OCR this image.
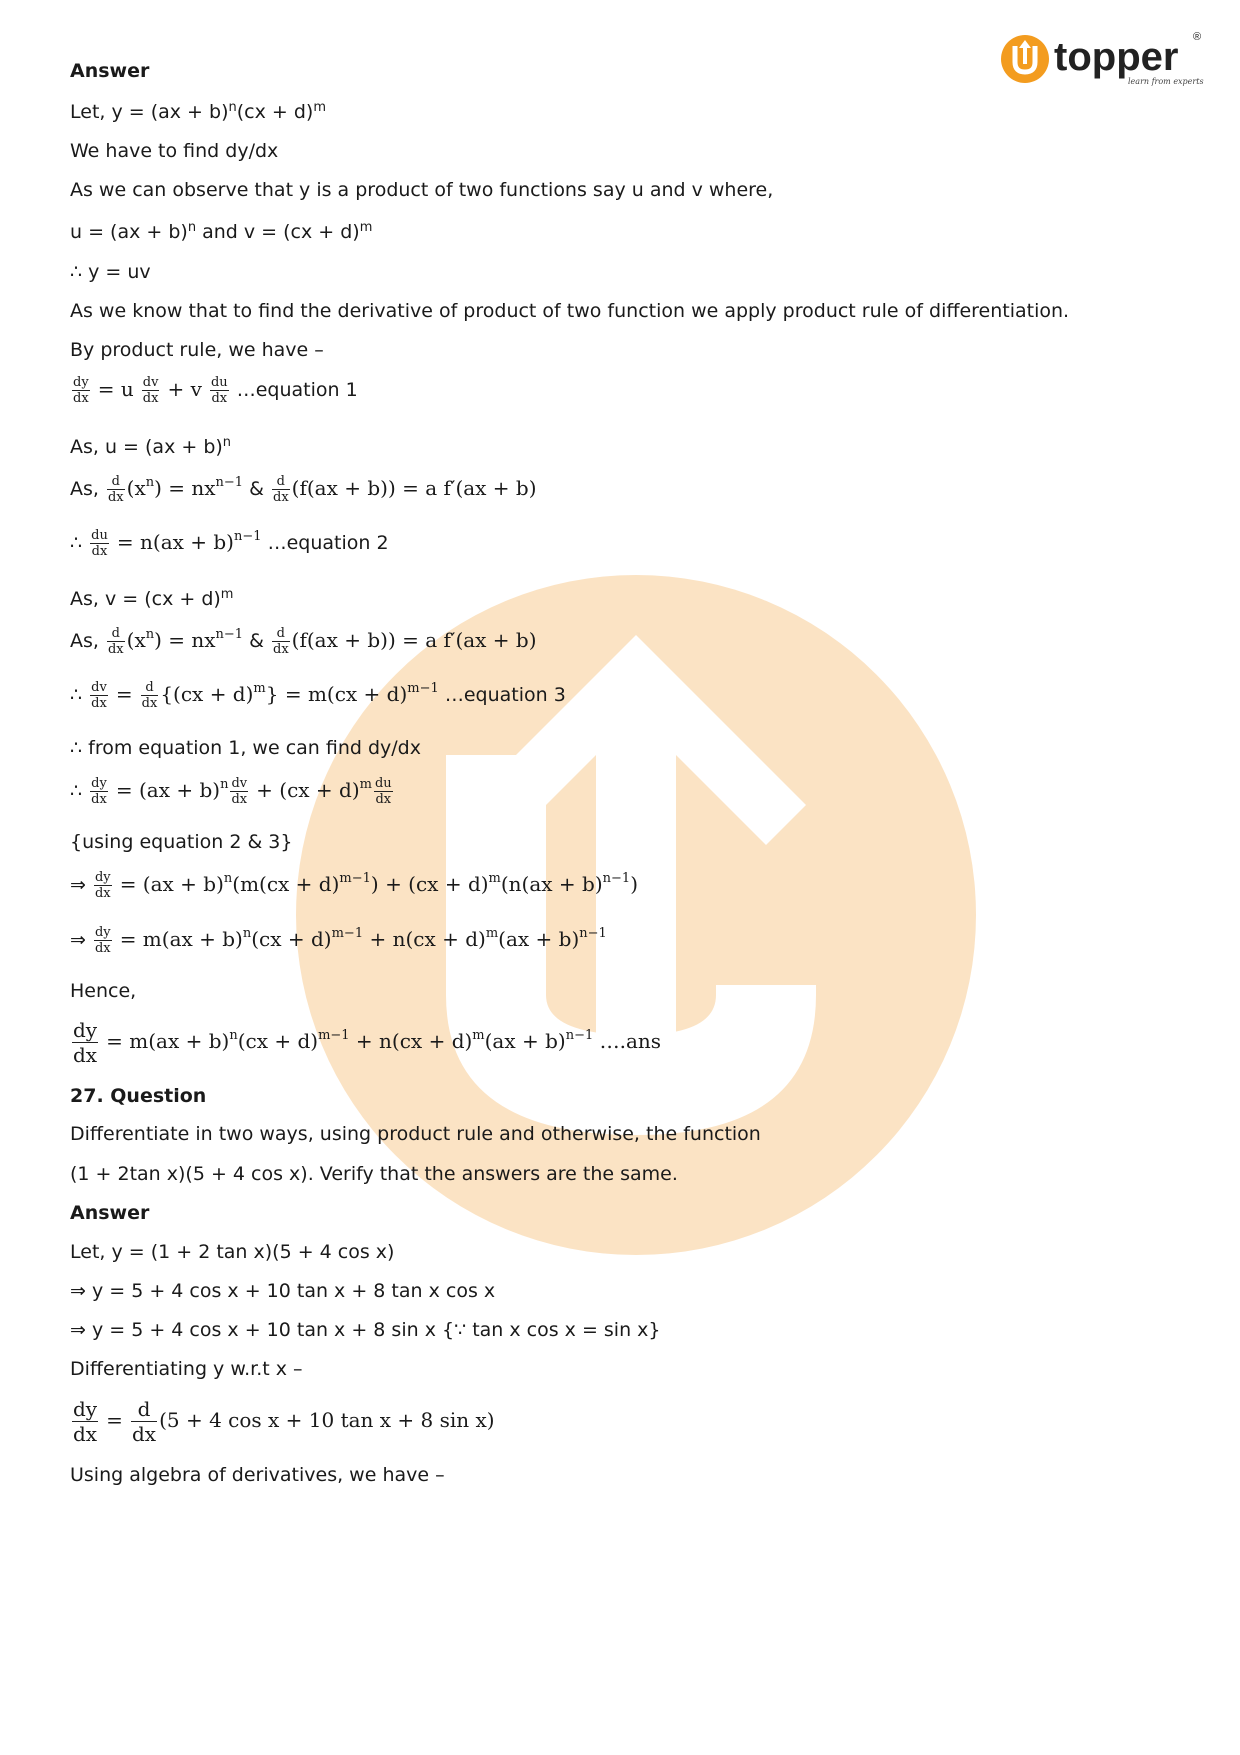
topper ®
learn from experts
Answer
Let, y = (ax + b)$^n$(cx + d)$^m$
We have to find dy/dx
As we can observe that y is a product of two functions say u and v where,
u = (ax + b)$^n$ and v = (cx + d)$^m$
∴ y = uv
As we know that to find the derivative of product of two function we apply product rule of differentiation.
By product rule, we have –
$\frac{dy}{dx} = u \frac{dv}{dx} + v \frac{du}{dx}$ …equation 1
As, u = (ax + b)$^n$
As, $\frac{d}{dx} (x^n) = nx^{n-1}$ & $\frac{d}{dx} (f(ax + b)) = a$ f′(ax + b)
∴ $\frac{du}{dx} = n(ax + b)^{n-1}$ …equation 2
As, v = (cx + d)$^m$
As, $\frac{d}{dx} (x^n) = nx^{n-1}$ & $\frac{d}{dx} (f(ax + b)) = a$ f′(ax + b)
∴ $\frac{dv}{dx} = \frac{d}{dx} \{(cx + d)^m\} = m(cx + d)^{m-1}$ …equation 3
∴ from equation 1, we can find dy/dx
∴ $\frac{dy}{dx} = (ax + b)^n \frac{dv}{dx} + (cx + d)^m \frac{du}{dx}$
{using equation 2 & 3}
⇒ $\frac{dy}{dx} = (ax + b)^n(m(cx + d)^{m-1}) + (cx + d)^m(n(ax + b)^{n-1})$
⇒ $\frac{dy}{dx} = m(ax + b)^n(cx + d)^{m-1} + n(cx + d)^m(ax + b)^{n-1}$
Hence,
$\frac{dy}{dx} = m(ax + b)^n(cx + d)^{m-1} + n(cx + d)^m(ax + b)^{n-1}$ ….ans
27. Question
Differentiate in two ways, using product rule and otherwise, the function
(1 + 2tan x)(5 + 4 cos x). Verify that the answers are the same.
Answer
Let, y = (1 + 2 tan x)(5 + 4 cos x)
⇒ y = 5 + 4 cos x + 10 tan x + 8 tan x cos x
⇒ y = 5 + 4 cos x + 10 tan x + 8 sin x {∵ tan x cos x = sin x}
Differentiating y w.r.t x –
$\frac{dy}{dx} = \frac{d}{dx} (5 + 4$ cos x + 10 tan x + 8 sin x)
Using algebra of derivatives, we have –
